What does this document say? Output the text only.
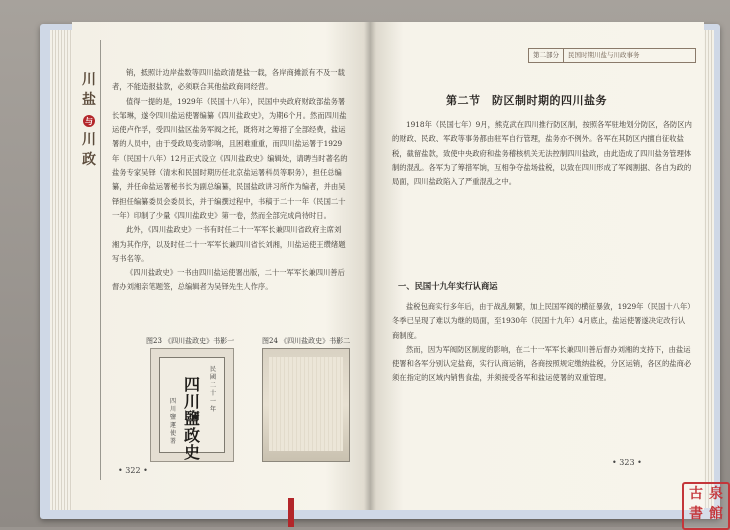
川
盐
与
川
政

销，抵照计边岸盐数等四川盐政清楚盐一载，各岸商摊派有不及一载者，不能造报盐款，必须联合其他盐政商同经营。

值得一提的是，1929年（民国十八年），民国中央政府财政部盐务署长邹琳，遂令四川盐运使署编纂《四川盐政史》，为期6个月。然而四川盐运使卢作孚，受四川盐区盐务军阀之托，既将对之筹措了全部经费，盐运署的人员中，由于受政局变动影响，且困难重重，而四川盐运署于1929年（民国十八年）12月正式设立《四川盐政史》编辑处，请聘当时著名的盐务专家吴铎（清末和民国时期历任北京盐运署科员等职务），担任总编纂，并任命盐运署秘书长为副总编纂，民国盐政讲习所作为编者，并由吴铎担任编纂委员会委员长，并于编撰过程中，书稿于二十一年（民国二十一年）印制了少量《四川盐政史》第一卷，然而全部完成尚待时日。

此外，《四川盐政史》一书有时任二十一军军长兼四川省政府主席刘湘为其作序，以及时任二十一军军长兼四川省长刘湘，川盐运使王缵绪题写书名等。

《四川盐政史》一书由四川盐运使署出版，二十一军军长兼四川善后督办刘湘亲笔题签，总编辑者为吴铎先生人作序。

图23 《四川盐政史》书影一	图24 《四川盐政史》书影二
民國二十一年
四川鹽政史
四川鹽運使署
• 322 •
第二部分 民国时期川盐与川政事务
第二节　防区制时期的四川盐务

1918年（民国七年）9月，熊克武在四川推行防区制，按照各军驻地划分防区，各防区内的财政、民政、军政等事务都由驻军自行管理，盐务亦不例外。各军在其防区内擅自征收盐税，截留盐款，致使中央政府和盐务稽核机关无法控制四川盐政，由此造成了四川盐务管理体制的混乱。各军为了筹措军饷，互相争夺盐场盐税，以致在四川形成了军阀割据、各自为政的局面，四川盐政陷入了严重混乱之中。

一、民国十九年实行认商运

盐税包商实行多年后，由于战乱频繁，加上民国军阀的横征暴敛，1929年（民国十八年）冬季已呈现了难以为继的局面，至1930年（民国十九年）4月底止，盐运使署遂决定改行认商制度。

然而，因为军阀防区制度的影响，在二十一军军长兼四川善后督办刘湘的支持下，由盐运使署和各军分别认定盐商，实行认商运销，各商按照规定缴纳盐税，分区运销，各区的盐商必须在指定的区域内销售食盐，并须接受各军和盐运使署的双重管理。

• 323 •
古 泉
書 館
